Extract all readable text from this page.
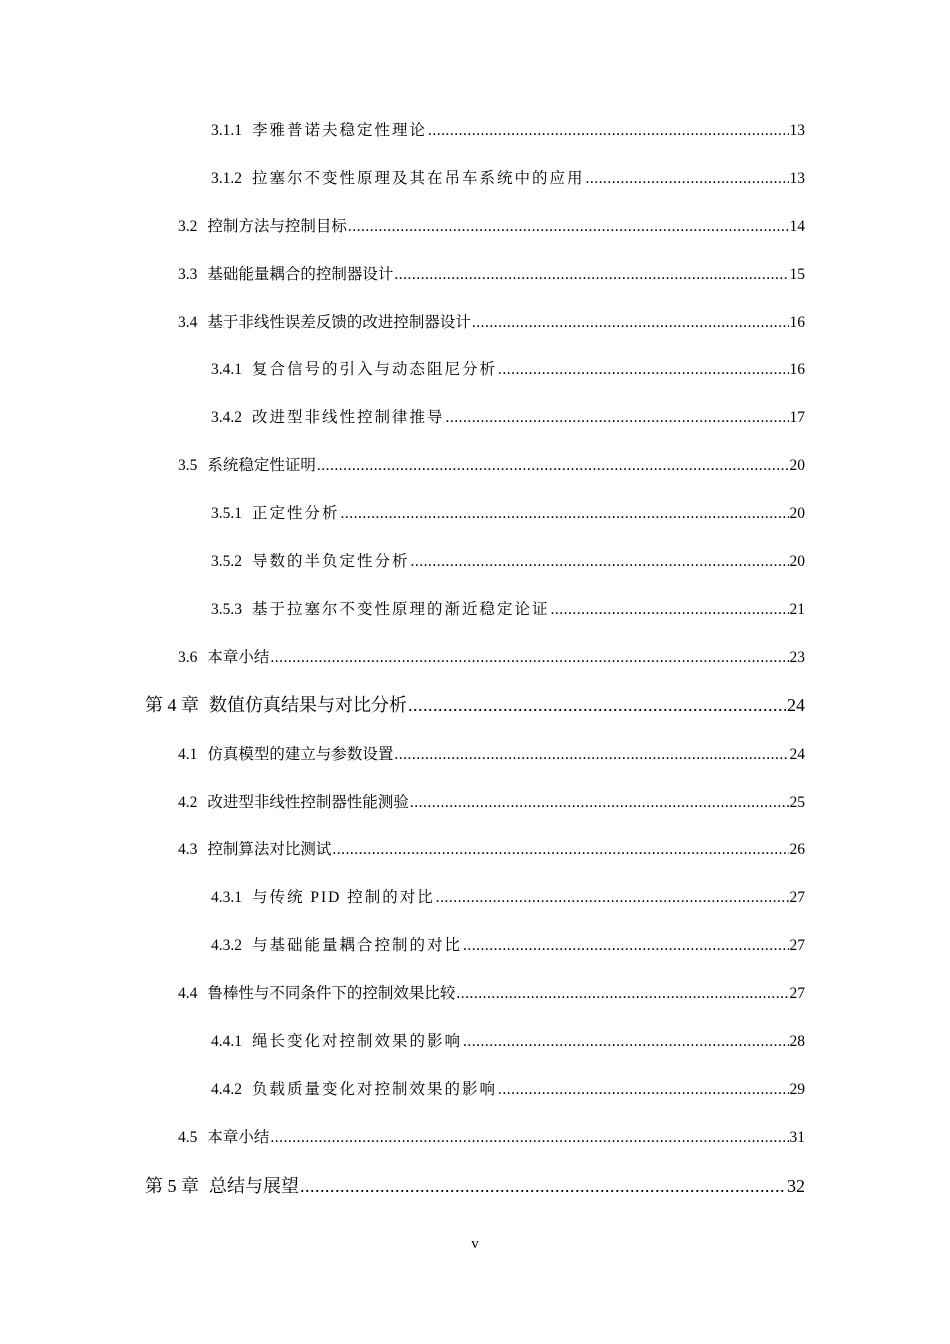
3.1.1 李雅普诺夫稳定性理论 .....	13
3.1.2 拉塞尔不变性原理及其在吊车系统中的应用 .....	13
3.2 控制方法与控制目标 .....	14
3.3 基础能量耦合的控制器设计 .....	15
3.4 基于非线性误差反馈的改进控制器设计 .....	16
3.4.1 复合信号的引入与动态阻尼分析 .....	16
3.4.2 改进型非线性控制律推导 .....	17
3.5 系统稳定性证明 .....	20
3.5.1 正定性分析 .....	20
3.5.2 导数的半负定性分析 .....	20
3.5.3 基于拉塞尔不变性原理的渐近稳定论证 .....	21
3.6 本章小结 .....	23
第 4 章 数值仿真结果与对比分析 .....	24
4.1 仿真模型的建立与参数设置 .....	24
4.2 改进型非线性控制器性能测验 .....	25
4.3 控制算法对比测试 .....	26
4.3.1 与传统 PID 控制的对比 .....	27
4.3.2 与基础能量耦合控制的对比 .....	27
4.4 鲁棒性与不同条件下的控制效果比较 .....	27
4.4.1 绳长变化对控制效果的影响 .....	28
4.4.2 负载质量变化对控制效果的影响 .....	29
4.5 本章小结 .....	31
第 5 章 总结与展望 .....	32
v
